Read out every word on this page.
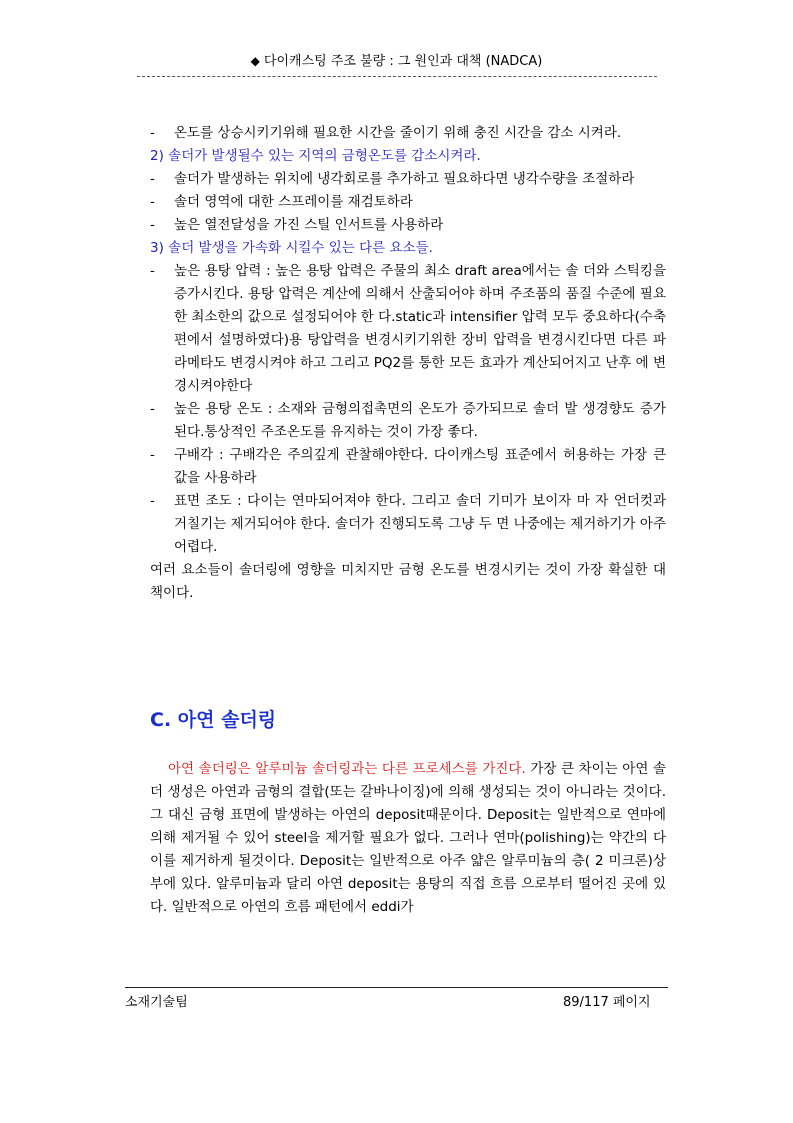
◆ 다이캐스팅 주조 불량 : 그 원인과 대책 (NADCA)
- 온도를 상승시키기위해 필요한 시간을 줄이기 위해 충진 시간을 감소 시켜라.
2) 솔더가 발생될수 있는 지역의 금형온도를 감소시켜라.
- 솔더가 발생하는 위치에 냉각회로를 추가하고 필요하다면 냉각수량을 조절하라
- 솔더 영역에 대한 스프레이를 재검토하라
- 높은 열전달성을 가진 스틸 인서트를 사용하라
3) 솔더 발생을 가속화 시킬수 있는 다른 요소들.
- 높은 용탕 압력 : 높은 용탕 압력은 주물의 최소 draft area에서는 솔 더와 스틱킹을 증가시킨다. 용탕 압력은 계산에 의해서 산출되어야 하며 주조품의 품질 수준에 필요한 최소한의 값으로 설정되어야 한 다.static과 intensifier 압력 모두 중요하다(수축편에서 설명하였다)용 탕압력을 변경시키기위한 장비 압력을 변경시킨다면 다른 파라메타도 변경시켜야 하고 그리고 PQ2를 통한 모든 효과가 계산되어지고 난후 에 변경시켜야한다
- 높은 용탕 온도 : 소재와 금형의접촉면의 온도가 증가되므로 솔더 발 생경향도 증가된다.통상적인 주조온도를 유지하는 것이 가장 좋다.
- 구배각 : 구배각은 주의깊게 관찰해야한다. 다이캐스팅 표준에서 허용하는 가장 큰 값을 사용하라
- 표면 조도 : 다이는 연마되어져야 한다. 그리고 솔더 기미가 보이자 마 자 언더컷과 거칠기는 제거되어야 한다. 솔더가 진행되도록 그냥 두 면 나중에는 제거하기가 아주 어렵다.
여러 요소들이 솔더링에 영향을 미치지만 금형 온도를 변경시키는 것이 가장 확실한 대책이다.
C. 아연 솔더링
아연 솔더링은 알루미늄 솔더링과는 다른 프로세스를 가진다. 가장 큰 차이는 아연 솔더 생성은 아연과 금형의 결합(또는 갈바나이징)에 의해 생성되는 것이 아니라는 것이다.그 대신 금형 표면에 발생하는 아연의 deposit때문이다. Deposit는 일반적으로 연마에 의해 제거될 수 있어 steel을 제거할 필요가 없다. 그러나 연마(polishing)는 약간의 다이를 제거하게 될것이다. Deposit는 일반적으로 아주 얇은 알루미늄의 층( 2 미크론)상부에 있다. 알루미늄과 달리 아연 deposit는 용탕의 직접 흐름 으로부터 떨어진 곳에 있다. 일반적으로 아연의 흐름 패턴에서 eddi가
소재기술팀	89/117 페이지
